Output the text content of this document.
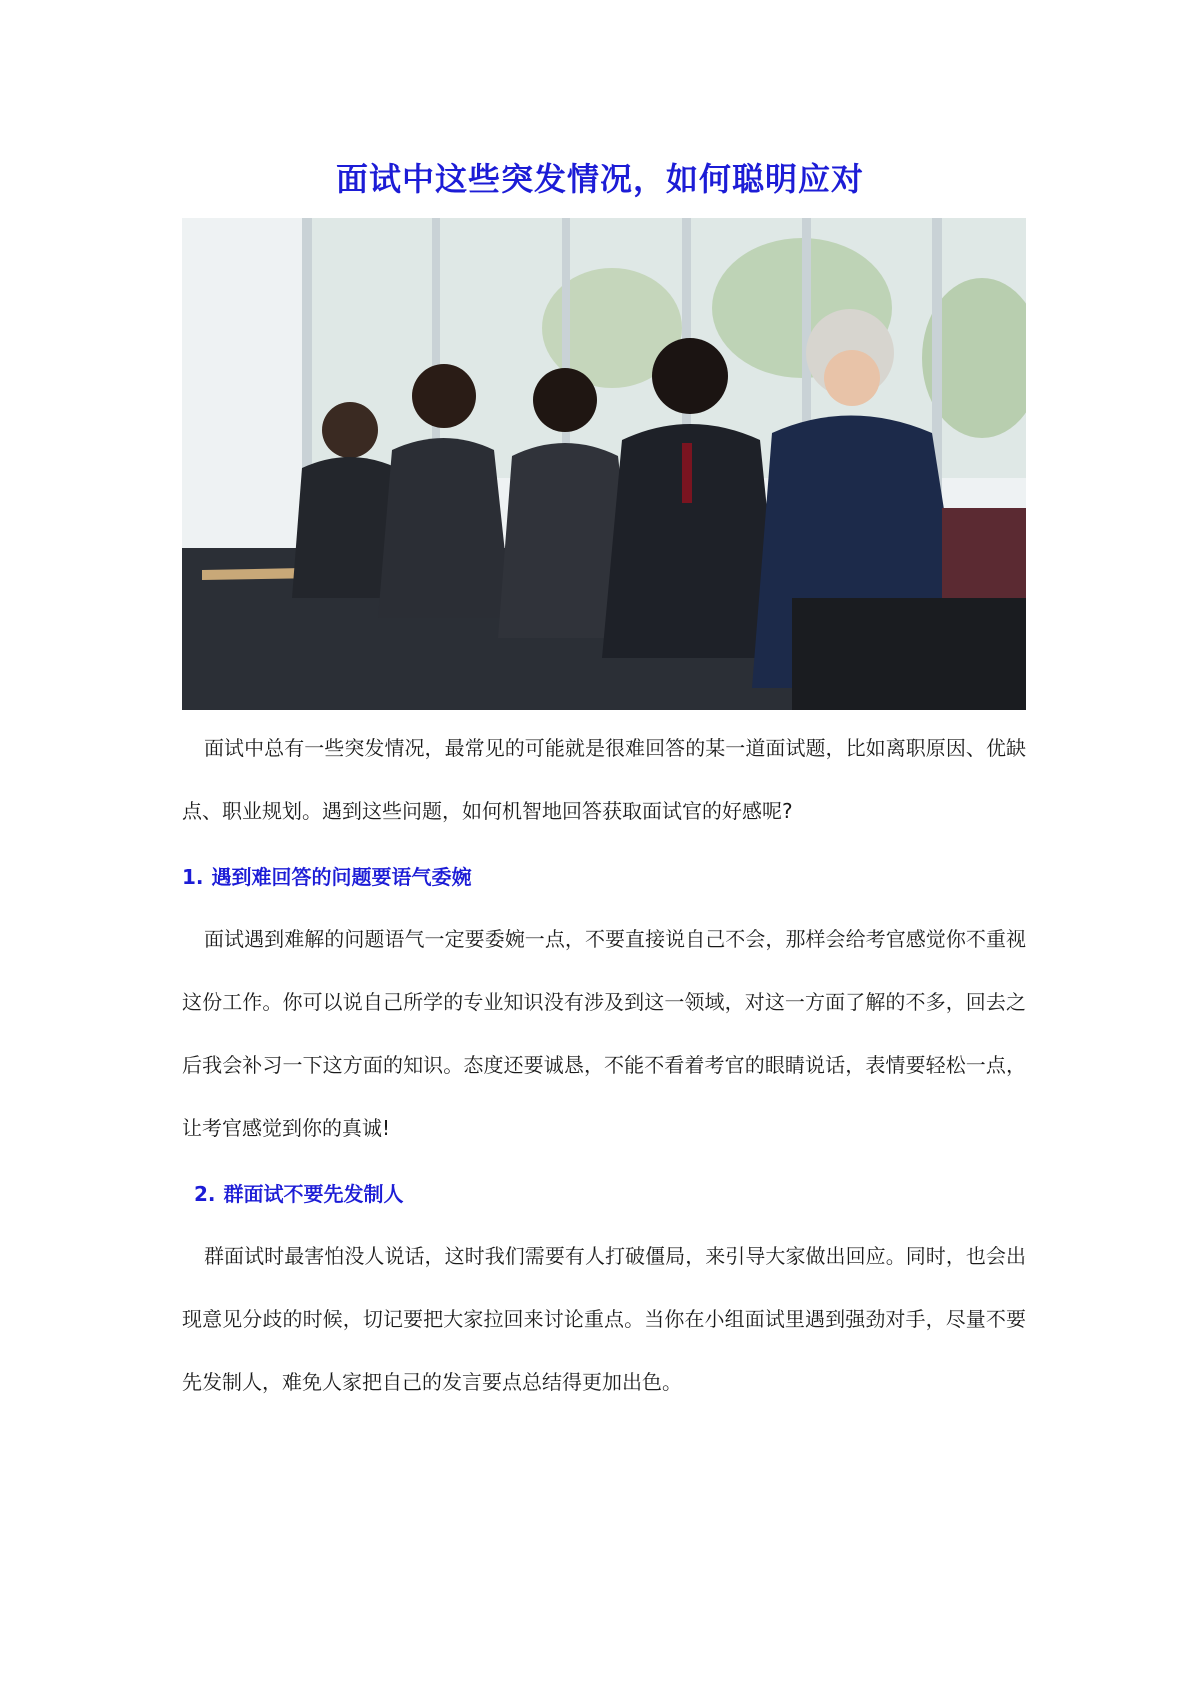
面试中这些突发情况，如何聪明应对

面试中总有一些突发情况，最常见的可能就是很难回答的某一道面试题，比如离职原因、优缺点、职业规划。遇到这些问题，如何机智地回答获取面试官的好感呢?

1. 遇到难回答的问题要语气委婉

面试遇到难解的问题语气一定要委婉一点，不要直接说自己不会，那样会给考官感觉你不重视这份工作。你可以说自己所学的专业知识没有涉及到这一领域，对这一方面了解的不多，回去之后我会补习一下这方面的知识。态度还要诚恳，不能不看着考官的眼睛说话，表情要轻松一点，让考官感觉到你的真诚!

2. 群面试不要先发制人

群面试时最害怕没人说话，这时我们需要有人打破僵局，来引导大家做出回应。同时，也会出现意见分歧的时候，切记要把大家拉回来讨论重点。当你在小组面试里遇到强劲对手，尽量不要先发制人，难免人家把自己的发言要点总结得更加出色。
